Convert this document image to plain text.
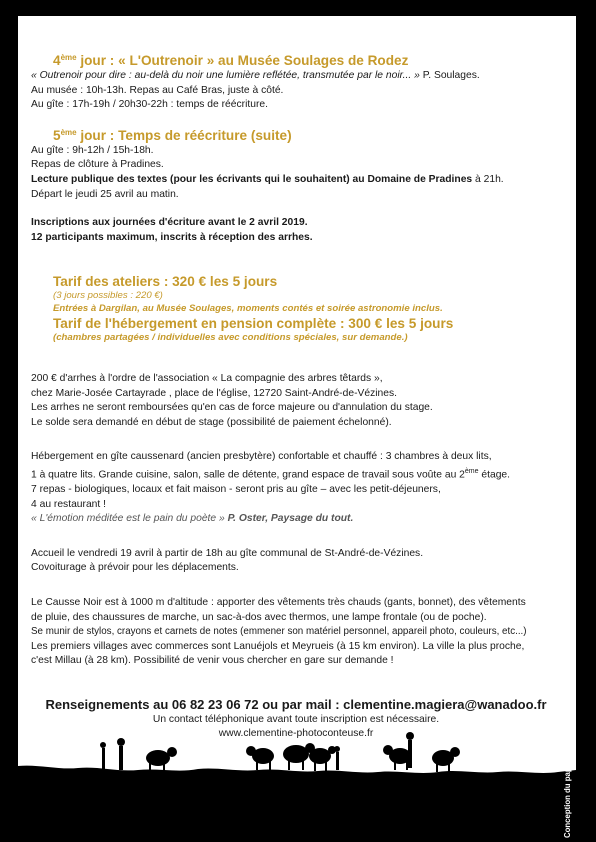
4ème jour : « L'Outrenoir » au Musée Soulages de Rodez

« Outrenoir pour dire : au-delà du noir une lumière reflétée, transmutée par le noir... » P. Soulages.

Au musée : 10h-13h. Repas au Café Bras, juste à côté.

Au gîte : 17h-19h / 20h30-22h : temps de réécriture.

5ème jour : Temps de réécriture (suite)

Au gîte : 9h-12h / 15h-18h.

Repas de clôture à Pradines.

Lecture publique des textes (pour les écrivants qui le souhaitent) au Domaine de Pradines à 21h.

Départ le jeudi 25 avril au matin.

Inscriptions aux journées d'écriture avant le 2 avril 2019.

12 participants maximum, inscrits à réception des arrhes.

Tarif des ateliers : 320 € les 5 jours

(3 jours possibles : 220 €)

Entrées à Dargilan, au Musée Soulages, moments contés et soirée astronomie inclus.

Tarif de l'hébergement en pension complète : 300 € les 5 jours

(chambres partagées / individuelles avec conditions spéciales, sur demande.)

200 € d'arrhes à l'ordre de l'association « La compagnie des arbres têtards »,

chez Marie-Josée Cartayrade , place de l'église, 12720 Saint-André-de-Vézines.

Les arrhes ne seront remboursées qu'en cas de force majeure ou d'annulation du stage.

Le solde sera demandé en début de stage (possibilité de paiement échelonné).

Hébergement en gîte caussenard (ancien presbytère) confortable et chauffé : 3 chambres à deux lits,

1 à quatre lits. Grande cuisine, salon, salle de détente, grand espace de travail sous voûte au 2ème étage.

7 repas - biologiques, locaux et fait maison - seront pris au gîte – avec les petit-déjeuners,

4 au restaurant !

« L'émotion méditée est le pain du poète » P. Oster, Paysage du tout.

Accueil le vendredi 19 avril à partir de 18h au gîte communal de St-André-de-Vézines.

Covoiturage à prévoir pour les déplacements.

Le Causse Noir est à 1000 m d'altitude : apporter des vêtements très chauds (gants, bonnet), des vêtements

de pluie, des chaussures de marche, un sac-à-dos avec thermos, une lampe frontale (ou de poche).

Se munir de stylos, crayons et carnets de notes (emmener son matériel personnel, appareil photo, couleurs, etc...)

Les premiers villages avec commerces sont Lanuéjols et Meyrueis (à 15 km environ). La ville la plus proche,

c'est Millau (à 28 km). Possibilité de venir vous chercher en gare sur demande !

Renseignements au 06 82 23 06 72 ou par mail : clementine.magiera@wanadoo.fr

Un contact téléphonique avant toute inscription est nécessaire.

www.clementine-photoconteuse.fr	Conception du papillon : C. Magiera assistée de M. Fleuriot pour la réalisation
